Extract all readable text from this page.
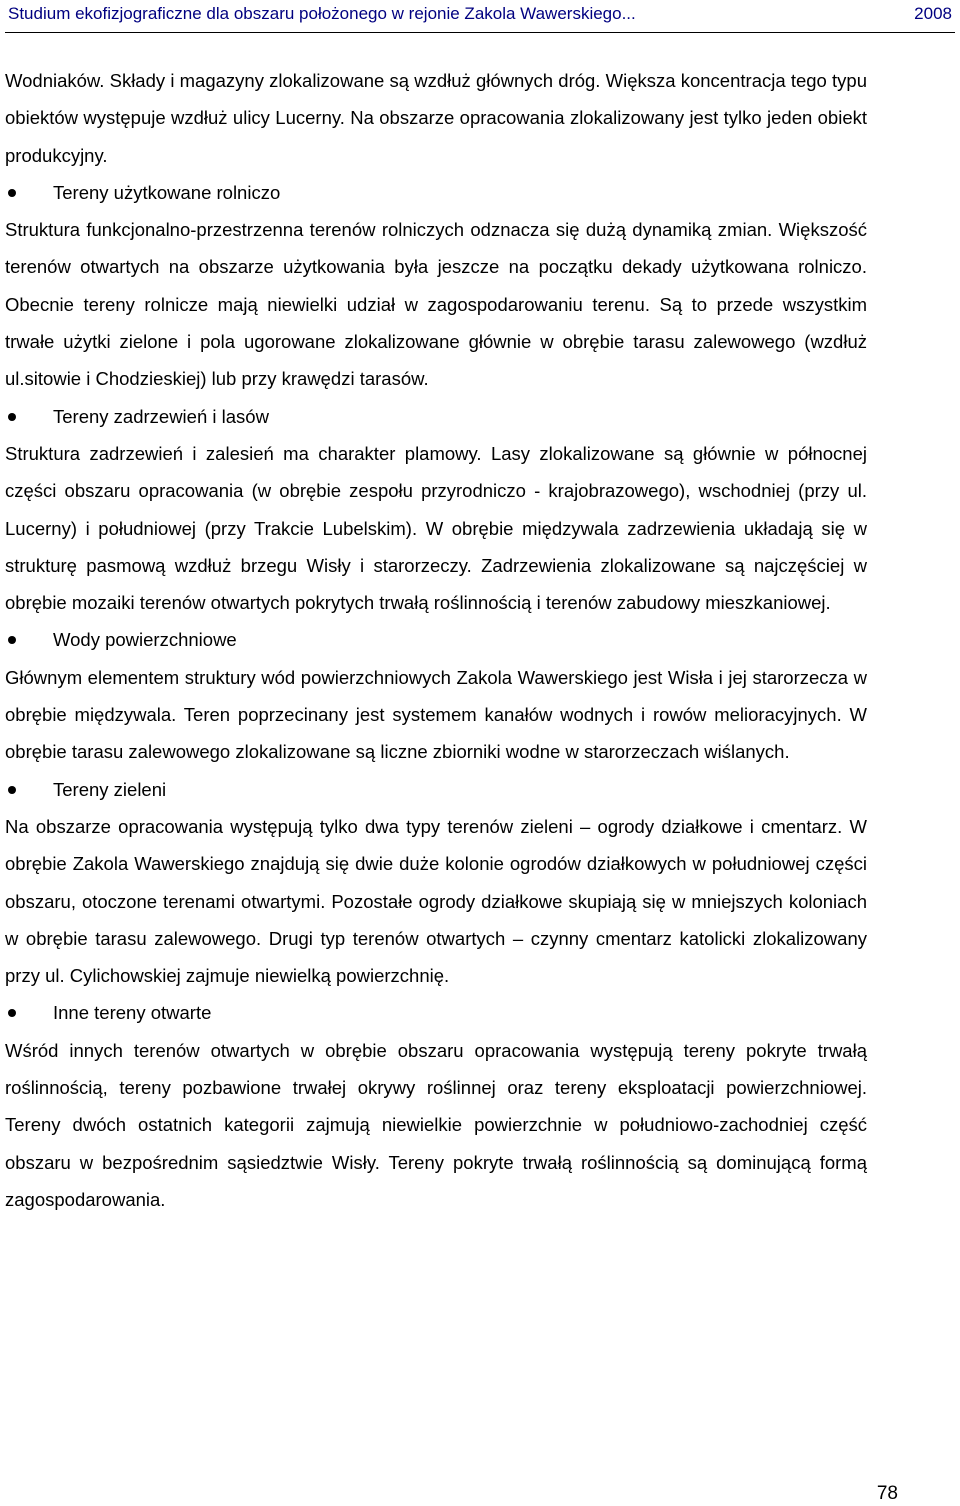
Studium ekofizjograficzne dla obszaru położonego w rejonie Zakola Wawerskiego...	2008

Wodniaków. Składy i magazyny zlokalizowane są wzdłuż głównych dróg. Większa koncentracja tego typu obiektów występuje wzdłuż ulicy Lucerny. Na obszarze opracowania zlokalizowany jest tylko jeden obiekt produkcyjny.

Tereny użytkowane rolniczo

Struktura funkcjonalno-przestrzenna terenów rolniczych odznacza się dużą dynamiką zmian. Większość terenów otwartych na obszarze użytkowania była jeszcze na początku dekady użytkowana rolniczo. Obecnie tereny rolnicze mają niewielki udział w zagospodarowaniu terenu. Są to przede wszystkim trwałe użytki zielone i pola ugorowane zlokalizowane głównie w obrębie tarasu zalewowego (wzdłuż ul.sitowie i Chodzieskiej) lub przy krawędzi tarasów.

Tereny zadrzewień i lasów

Struktura zadrzewień i zalesień ma charakter plamowy. Lasy zlokalizowane są głównie w północnej części obszaru opracowania (w obrębie zespołu przyrodniczo - krajobrazowego), wschodniej (przy ul. Lucerny) i południowej (przy Trakcie Lubelskim). W obrębie międzywala zadrzewienia układają się w strukturę pasmową wzdłuż brzegu Wisły i starorzeczy. Zadrzewienia zlokalizowane są najczęściej w obrębie mozaiki terenów otwartych pokrytych trwałą roślinnością i terenów zabudowy mieszkaniowej.

Wody powierzchniowe

Głównym elementem struktury wód powierzchniowych Zakola Wawerskiego jest Wisła i jej starorzecza w obrębie międzywala. Teren poprzecinany jest systemem kanałów wodnych i rowów melioracyjnych. W obrębie tarasu zalewowego zlokalizowane są liczne zbiorniki wodne w starorzeczach wiślanych.

Tereny zieleni

Na obszarze opracowania występują tylko dwa typy terenów zieleni – ogrody działkowe i cmentarz. W obrębie Zakola Wawerskiego znajdują się dwie duże kolonie ogrodów działkowych w południowej części obszaru, otoczone terenami otwartymi. Pozostałe ogrody działkowe skupiają się w mniejszych koloniach w obrębie tarasu zalewowego. Drugi typ terenów otwartych – czynny cmentarz katolicki zlokalizowany przy ul. Cylichowskiej zajmuje niewielką powierzchnię.

Inne tereny otwarte

Wśród innych terenów otwartych w obrębie obszaru opracowania występują tereny pokryte trwałą roślinnością, tereny pozbawione trwałej okrywy roślinnej oraz tereny eksploatacji powierzchniowej. Tereny dwóch ostatnich kategorii zajmują niewielkie powierzchnie w południowo-zachodniej część obszaru w bezpośrednim sąsiedztwie Wisły. Tereny pokryte trwałą roślinnością są dominującą formą zagospodarowania.

78
